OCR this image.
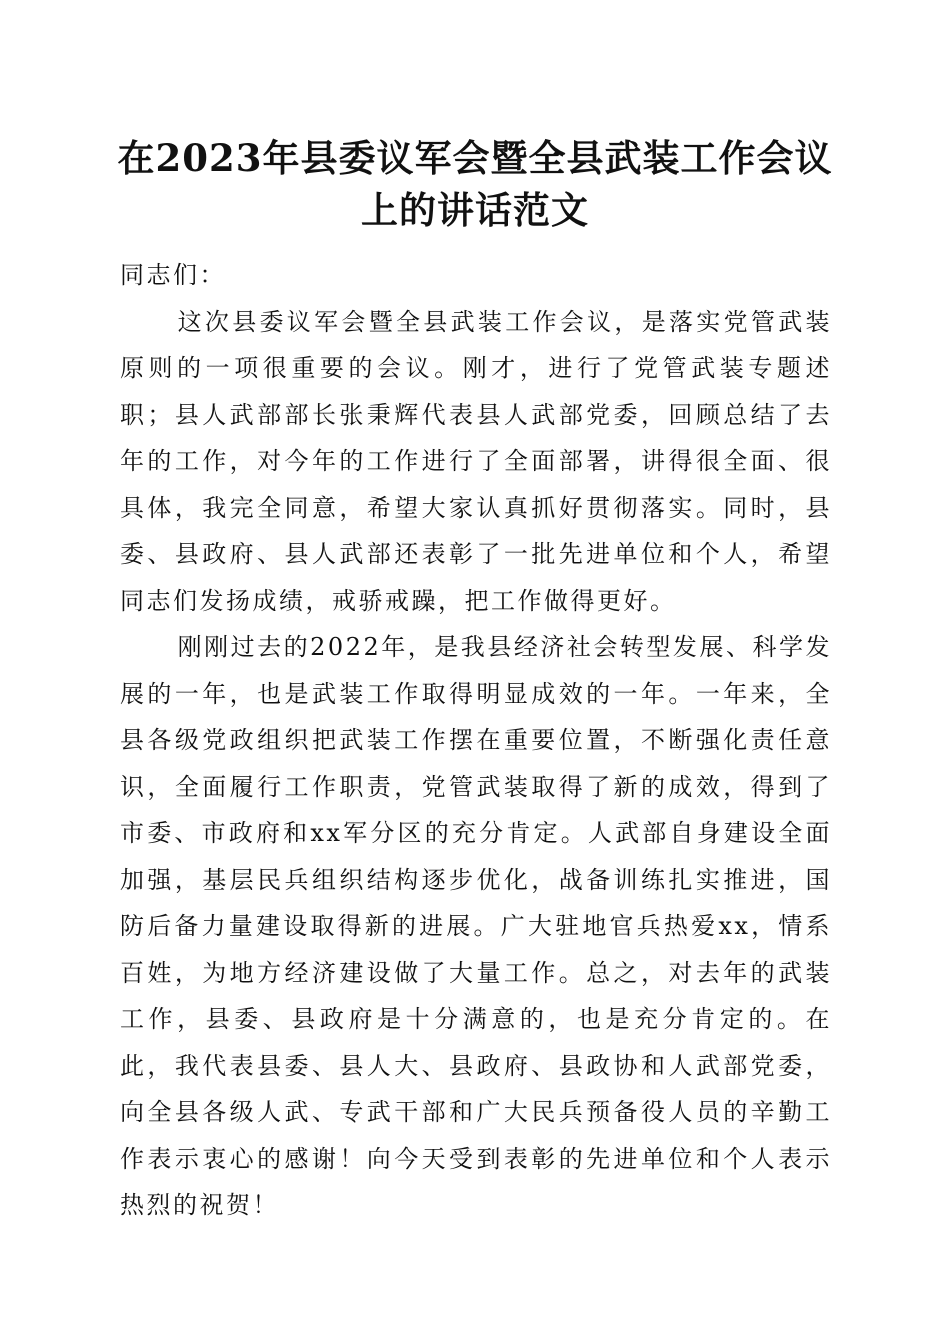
在2023年县委议军会暨全县武装工作会议上的讲话范文

同志们：

这次县委议军会暨全县武装工作会议，是落实党管武装原则的一项很重要的会议。刚才，进行了党管武装专题述职；县人武部部长张秉辉代表县人武部党委，回顾总结了去年的工作，对今年的工作进行了全面部署，讲得很全面、很具体，我完全同意，希望大家认真抓好贯彻落实。同时，县委、县政府、县人武部还表彰了一批先进单位和个人，希望同志们发扬成绩，戒骄戒躁，把工作做得更好。

刚刚过去的2022年，是我县经济社会转型发展、科学发展的一年，也是武装工作取得明显成效的一年。一年来，全县各级党政组织把武装工作摆在重要位置，不断强化责任意识，全面履行工作职责，党管武装取得了新的成效，得到了市委、市政府和xx军分区的充分肯定。人武部自身建设全面加强，基层民兵组织结构逐步优化，战备训练扎实推进，国防后备力量建设取得新的进展。广大驻地官兵热爱xx，情系百姓，为地方经济建设做了大量工作。总之，对去年的武装工作，县委、县政府是十分满意的，也是充分肯定的。在此，我代表县委、县人大、县政府、县政协和人武部党委，向全县各级人武、专武干部和广大民兵预备役人员的辛勤工作表示衷心的感谢！向今天受到表彰的先进单位和个人表示热烈的祝贺！
